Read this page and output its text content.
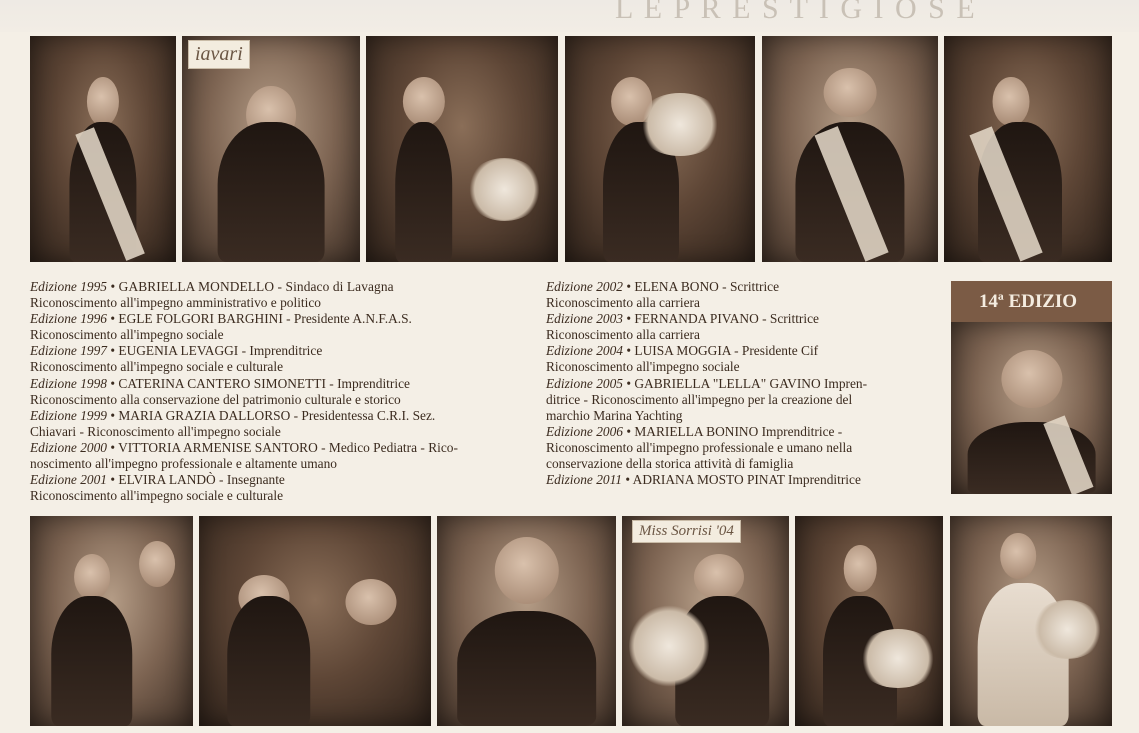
L E P R E S T I G I O S E
iavari
Edizione 1995 • GABRIELLA MONDELLO - Sindaco di Lavagna
Riconoscimento all'impegno amministrativo e politico
Edizione 1996 • EGLE FOLGORI BARGHINI - Presidente A.N.F.A.S.
Riconoscimento all'impegno sociale
Edizione 1997 • EUGENIA LEVAGGI - Imprenditrice
Riconoscimento all'impegno sociale e culturale
Edizione 1998 • CATERINA CANTERO SIMONETTI - Imprenditrice
Riconoscimento alla conservazione del patrimonio culturale e storico
Edizione 1999 • MARIA GRAZIA DALLORSO - Presidentessa C.R.I. Sez.
Chiavari - Riconoscimento all'impegno sociale
Edizione 2000 • VITTORIA ARMENISE SANTORO - Medico Pediatra - Rico-
noscimento all'impegno professionale e altamente umano
Edizione 2001 • ELVIRA LANDÒ - Insegnante
Riconoscimento all'impegno sociale e culturale
Edizione 2002 • ELENA BONO - Scrittrice
Riconoscimento alla carriera
Edizione 2003 • FERNANDA PIVANO - Scrittrice
Riconoscimento alla carriera
Edizione 2004 • LUISA MOGGIA - Presidente Cif
Riconoscimento all'impegno sociale
Edizione 2005 • GABRIELLA "LELLA" GAVINO Impren-
ditrice - Riconoscimento all'impegno per la creazione del
marchio Marina Yachting
Edizione 2006 • MARIELLA BONINO Imprenditrice -
Riconoscimento all'impegno professionale e umano nella
conservazione della storica attività di famiglia
Edizione 2011 • ADRIANA MOSTO PINAT Imprenditrice
14ª EDIZIO
Miss Sorrisi '04
